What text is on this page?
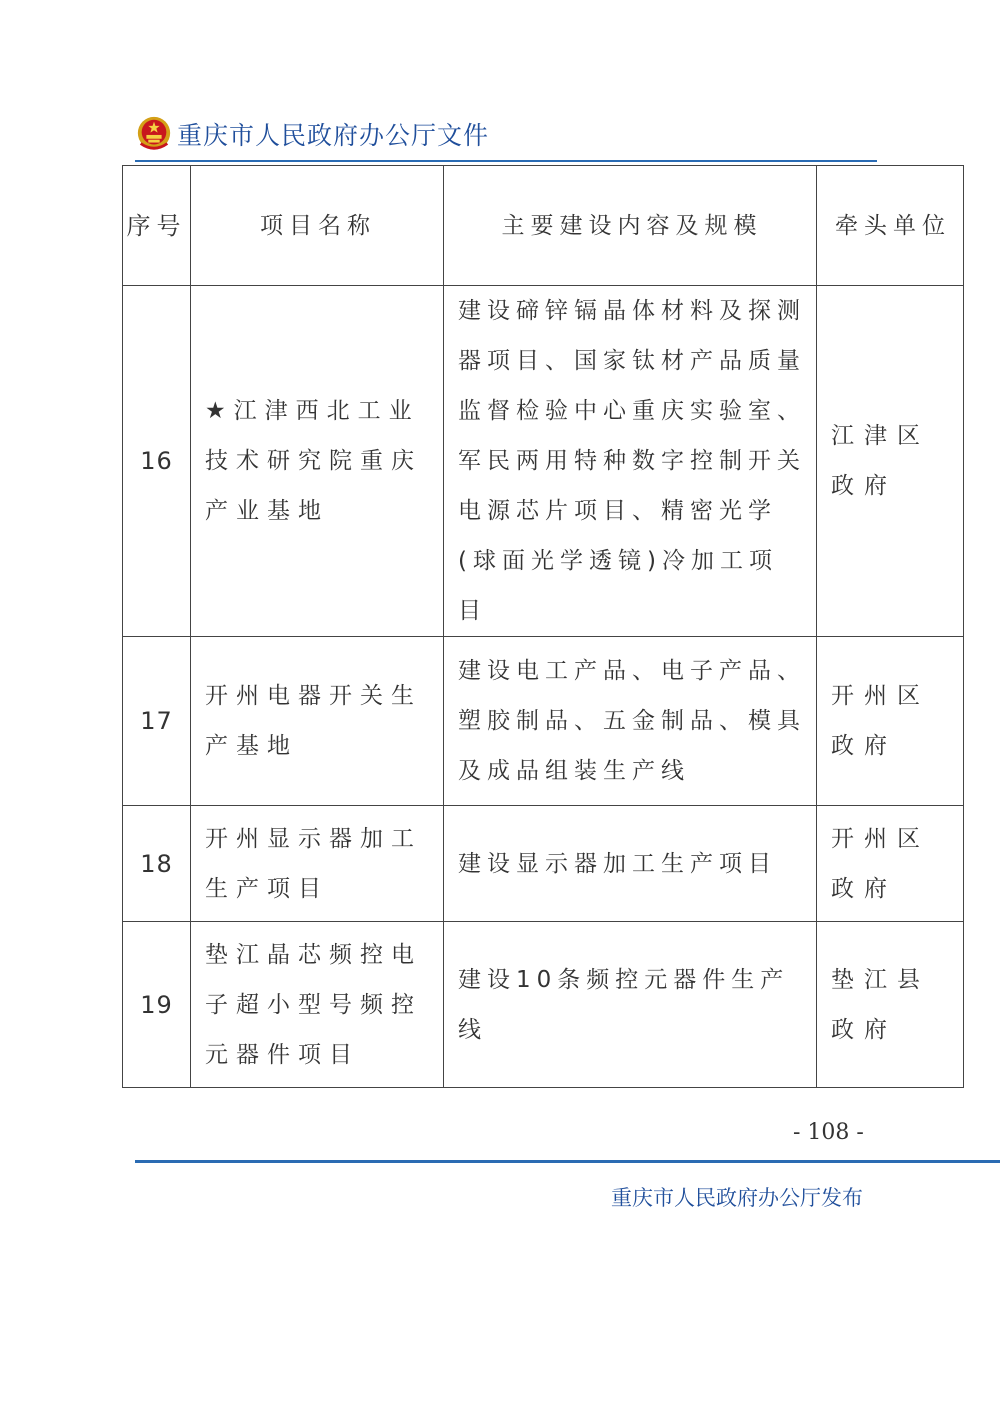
重庆市人民政府办公厅文件
序号	项目名称	主要建设内容及规模	牵头单位
16	★江津西北工业技术研究院重庆产业基地	建设碲锌镉晶体材料及探测器项目、国家钛材产品质量监督检验中心重庆实验室、军民两用特种数字控制开关电源芯片项目、精密光学(球面光学透镜)冷加工项目	江津区政府
17	开州电器开关生产基地	建设电工产品、电子产品、塑胶制品、五金制品、模具及成品组装生产线	开州区政府
18	开州显示器加工生产项目	建设显示器加工生产项目	开州区政府
19	垫江晶芯频控电子超小型号频控元器件项目	建设10条频控元器件生产线	垫江县政府
- 108 -
重庆市人民政府办公厅发布
